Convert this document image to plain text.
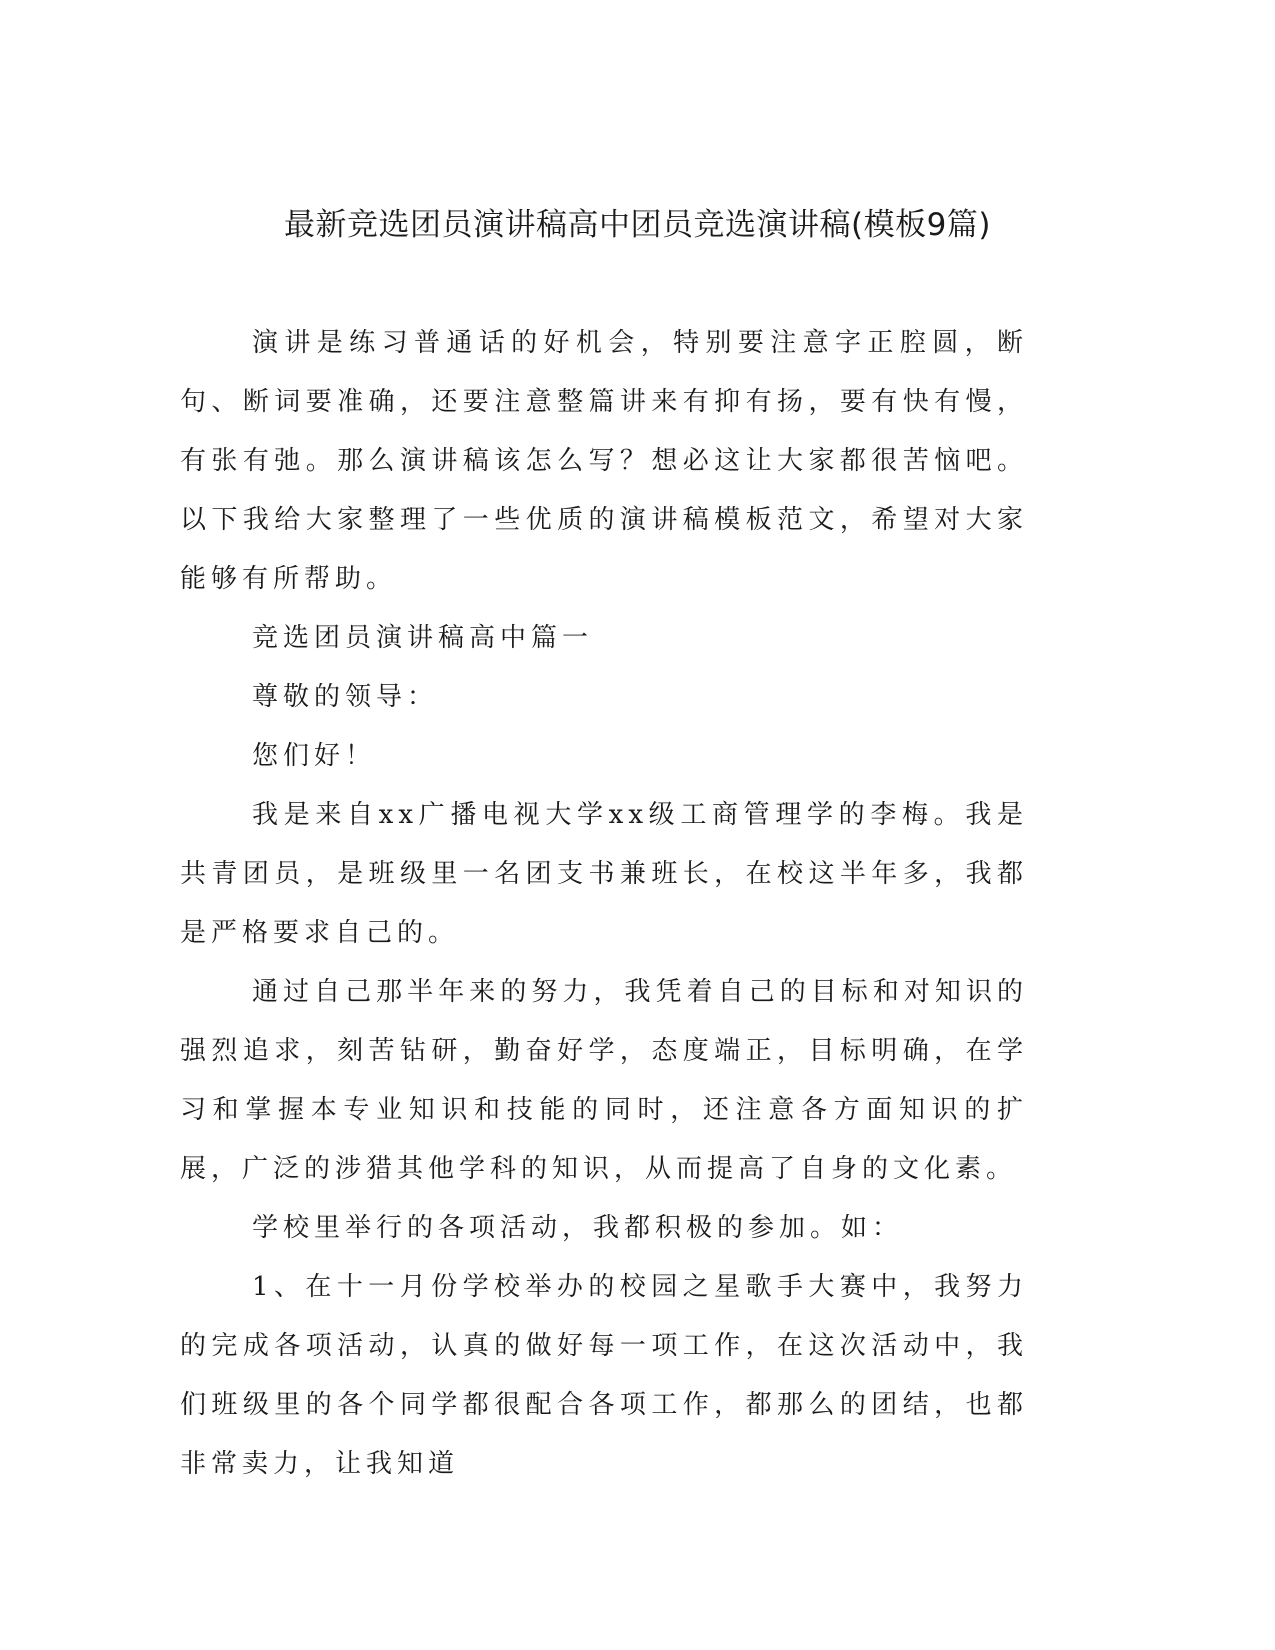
最新竞选团员演讲稿高中团员竞选演讲稿(模板9篇)

演讲是练习普通话的好机会，特别要注意字正腔圆，断句、断词要准确，还要注意整篇讲来有抑有扬，要有快有慢，有张有弛。那么演讲稿该怎么写？想必这让大家都很苦恼吧。以下我给大家整理了一些优质的演讲稿模板范文，希望对大家能够有所帮助。

竞选团员演讲稿高中篇一

尊敬的领导：

您们好！

我是来自xx广播电视大学xx级工商管理学的李梅。我是共青团员，是班级里一名团支书兼班长，在校这半年多，我都是严格要求自己的。

通过自己那半年来的努力，我凭着自己的目标和对知识的强烈追求，刻苦钻研，勤奋好学，态度端正，目标明确，在学习和掌握本专业知识和技能的同时，还注意各方面知识的扩展，广泛的涉猎其他学科的知识，从而提高了自身的文化素。

学校里举行的各项活动，我都积极的参加。如：

1、在十一月份学校举办的校园之星歌手大赛中，我努力的完成各项活动，认真的做好每一项工作，在这次活动中，我们班级里的各个同学都很配合各项工作，都那么的团结，也都非常卖力，让我知道
